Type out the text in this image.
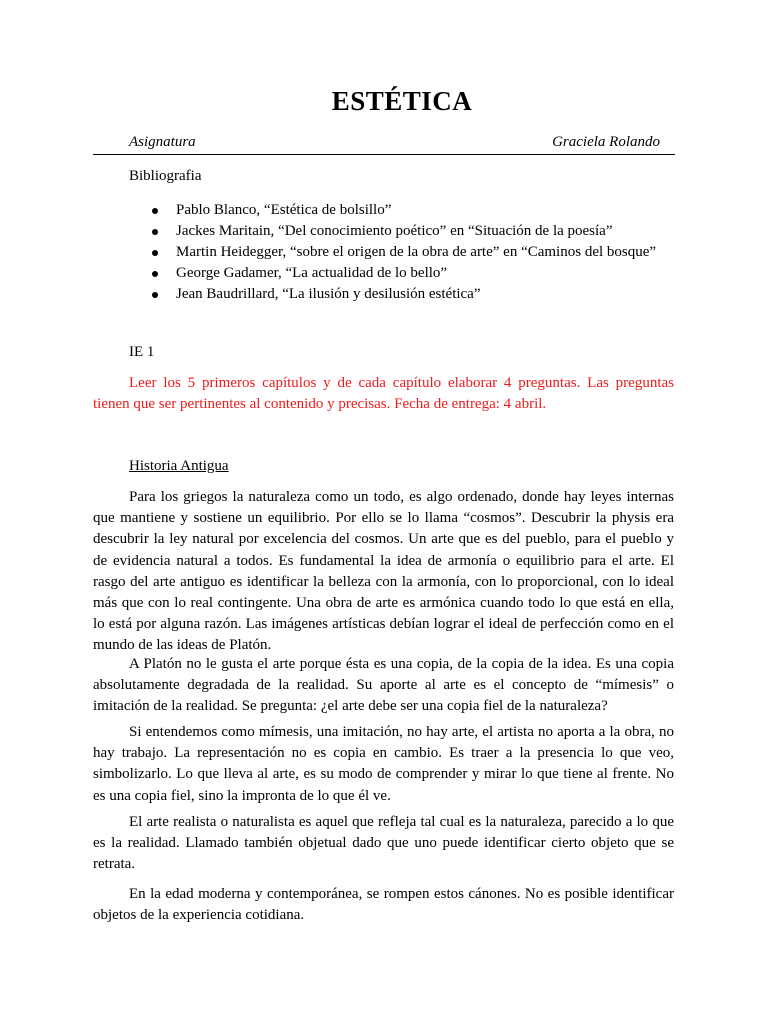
ESTÉTICA
Asignatura	Graciela Rolando
Bibliografia
Pablo Blanco, “Estética de bolsillo”
Jackes Maritain, “Del conocimiento poético” en “Situación de la poesía”
Martin Heidegger, “sobre el origen de la obra de arte” en “Caminos del bosque”
George Gadamer, “La actualidad de lo bello”
Jean Baudrillard, “La ilusión y desilusión estética”
IE 1

Leer los 5 primeros capítulos y de cada capítulo elaborar 4 preguntas. Las preguntas tienen que ser pertinentes al contenido y precisas. Fecha de entrega: 4 abril.

Historia Antigua

Para los griegos la naturaleza como un todo, es algo ordenado, donde hay leyes internas que mantiene y sostiene un equilibrio. Por ello se lo llama “cosmos”. Descubrir la physis era descubrir la ley natural por excelencia del cosmos. Un arte que es del pueblo, para el pueblo y de evidencia natural a todos. Es fundamental la idea de armonía o equilibrio para el arte. El rasgo del arte antiguo es identificar la belleza con la armonía, con lo proporcional, con lo ideal más que con lo real contingente. Una obra de arte es armónica cuando todo lo que está en ella, lo está por alguna razón. Las imágenes artísticas debían lograr el ideal de perfección como en el mundo de las ideas de Platón.

A Platón no le gusta el arte porque ésta es una copia, de la copia de la idea. Es una copia absolutamente degradada de la realidad. Su aporte al arte es el concepto de “mímesis” o imitación de la realidad. Se pregunta: ¿el arte debe ser una copia fiel de la naturaleza?

Si entendemos como mímesis, una imitación, no hay arte, el artista no aporta a la obra, no hay trabajo. La representación no es copia en cambio. Es traer a la presencia lo que veo, simbolizarlo. Lo que lleva al arte, es su modo de comprender y mirar lo que tiene al frente. No es una copia fiel, sino la impronta de lo que él ve.

El arte realista o naturalista es aquel que refleja tal cual es la naturaleza, parecido a lo que es la realidad. Llamado también objetual dado que uno puede identificar cierto objeto que se retrata.

En la edad moderna y contemporánea, se rompen estos cánones. No es posible identificar objetos de la experiencia cotidiana.
